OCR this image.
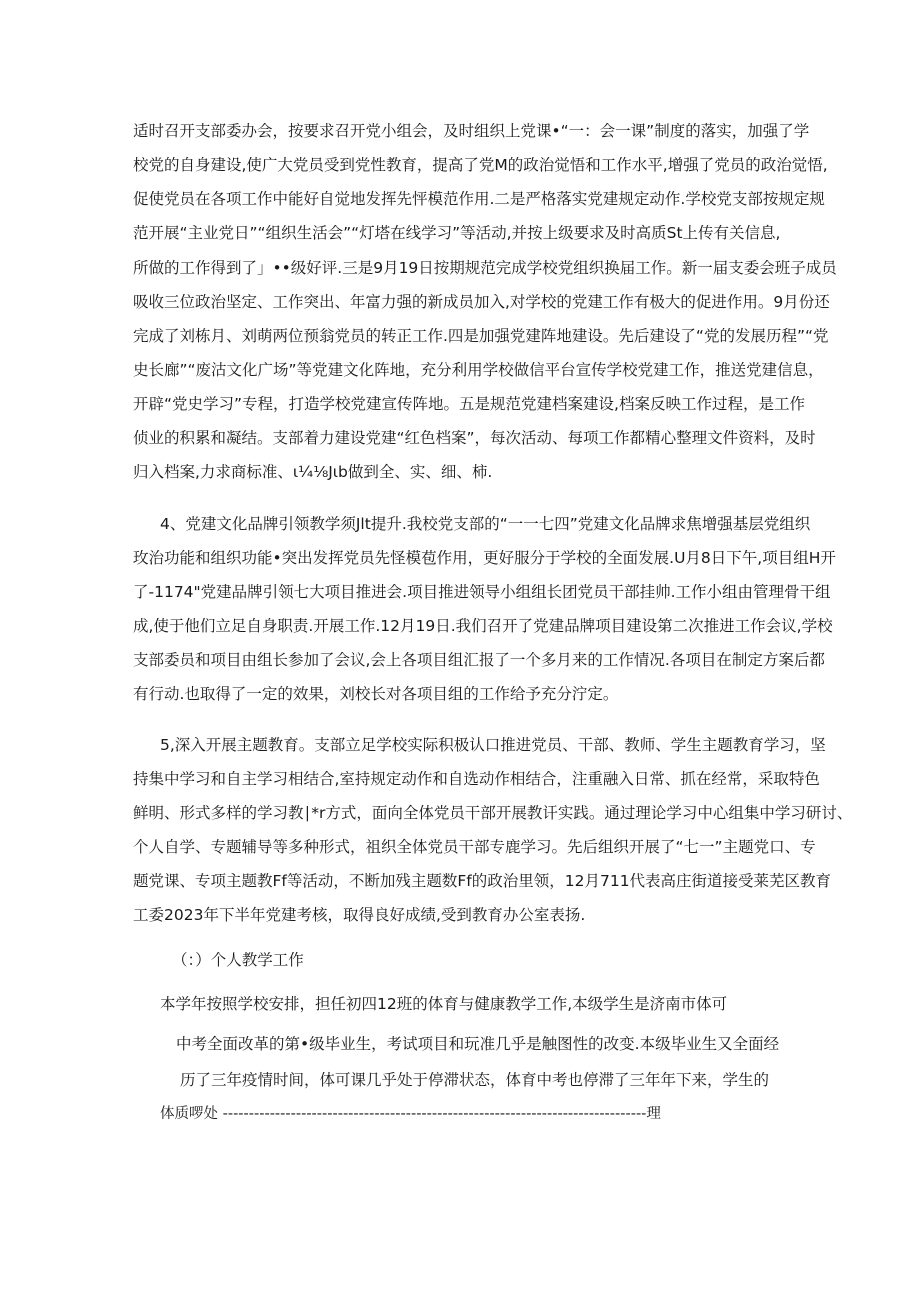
适时召开支部委办会，按要求召开党小组会，及时组织上党课•“一：会一课”制度的落实，加强了学
校党的自身建设,使广大党员受到党性教育，提高了党M的政治觉悟和工作水平,增强了党员的政治觉悟,
促使党员在各项工作中能好自觉地发挥先怦模范作用.二是严格落实党建规定动作.学校党支部按规定规
范开展“主业党日”“组织生活会”“灯塔在线学习”等活动,并按上级要求及时高质St上传有关信息,
所做的工作得到了」••级好评.三是9月19日按期规范完成学校党组织换届工作。新一届支委会班子成员
吸收三位政治坚定、工作突出、年富力强的新成员加入,对学校的党建工作有极大的促进作用。9月份还
完成了刘栋月、刘萌两位预翁党员的转正工作.四是加强党建阵地建设。先后建设了“党的发展历程”“党
史长廊”“废沽文化广场”等党建文化阵地，充分利用学校做信平台宣传学校党建工作，推送党建信息，
开辟“党史学习”专程，打造学校党建宣传阵地。五是规范党建档案建设,档案反映工作过程，是工作
侦业的积累和凝结。支部着力建设党建“红色档案”，每次活动、每项工作都精心整理文件资料，及时
归入档案,力求商标准、ι¼⅛Jιb做到全、实、细、柿.
4、党建文化品牌引领教学须Jlt提升.我校党支部的“一一七四”党建文化品牌求焦增强基层党组织
玫治功能和组织功能•突出发挥党员先怪模苞作用，更好服分于学校的全面发展.U月8日下午,项目组H开
了-1174"党建品牌引领七大项目推进会.项目推进领导小组组长团党员干部挂帅.工作小组由管理骨干组
成,使于他们立足自身职责.开展工作.12月19日.我们召开了党建品牌项目建设第二次推进工作会议,学校
支部委员和项目由组长参加了会议,会上各项目组汇报了一个多月来的工作情况.各项目在制定方案后都
有行动.也取得了一定的效果，刘校长对各项目组的工作给予充分泞定。
5,深入开展主题教育。支部立足学校实际积极认口推进党员、干部、教师、学生主题教育学习，坚
持集中学习和自主学习相结合,室持规定动作和自选动作相结合，注重融入日常、抓在经常，采取特色
鲜明、形式多样的学习教∣*r方式，面向全体党员干部开展教讦实践。通过理论学习中心组集中学习研讨、
个人自学、专题辅导等多种形式，祖织全体党员干部专鹿学习。先后组织开展了“七一”主题党口、专
题党课、专项主题教Ff等活动，不断加残主题数Ff的政治里领，12月711代表高庄街道接受莱芜区教育
工委2023年下半年党建考核，取得良好成绩,受到教育办公室表扬.
（：）个人教学工作
本学年按照学校安排，担任初四12班的体育与健康教学工作,本级学生是济南市体可
中考全面改革的第•级毕业生，考试项目和玩准几乎是触图性的改变.本级毕业生又全面经
历了三年疫情时间，体可课几乎处于停滞状态，体育中考也停滞了三年年下来，学生的
体质啰处 ---------------------------------------------------------------------------------理
